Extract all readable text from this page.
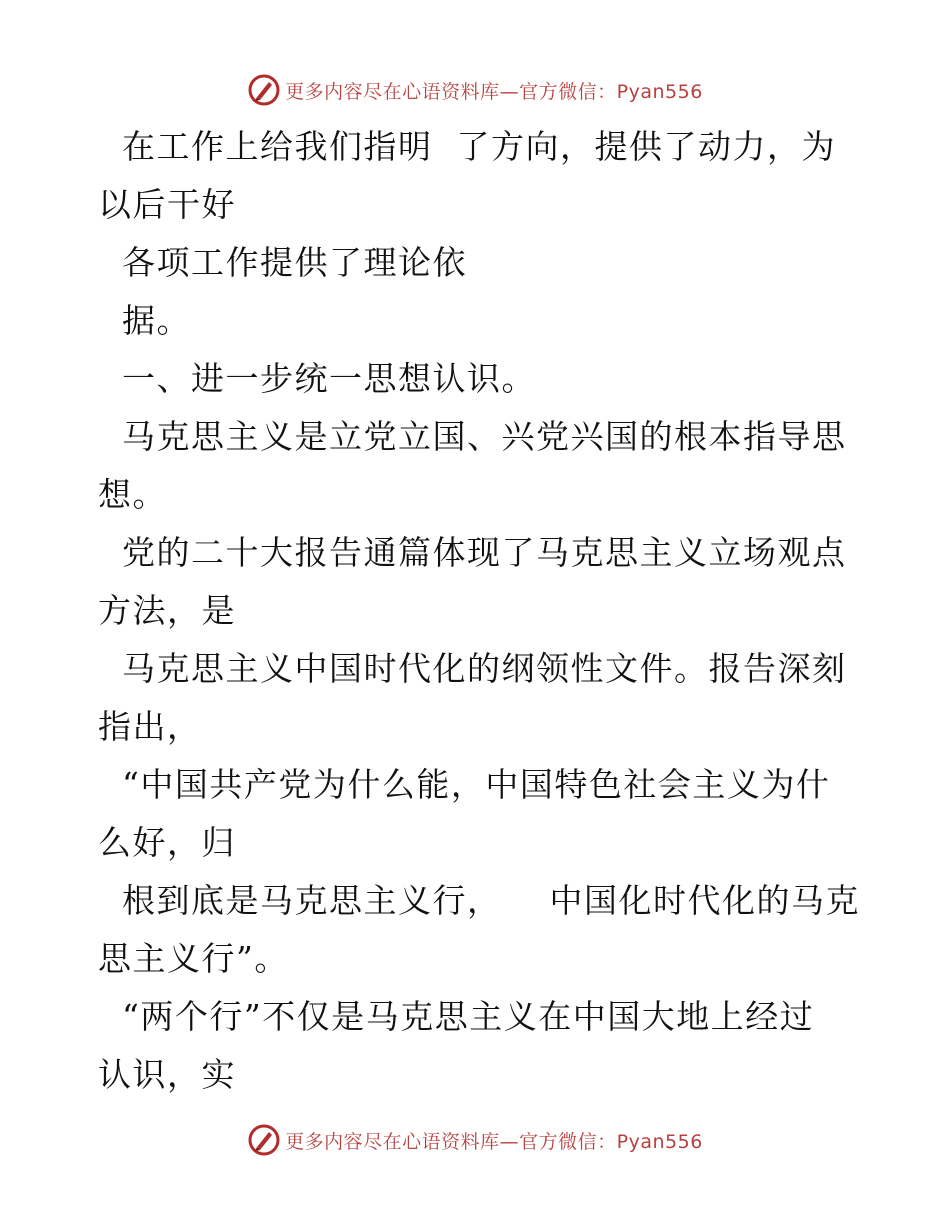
更多内容尽在心语资料库—官方微信：Pyan556
在工作上给我们指明  了方向，提供了动力，为
以后干好
各项工作提供了理论依
据。
一、进一步统一思想认识。
马克思主义是立党立国、兴党兴国的根本指导思
想。
党的二十大报告通篇体现了马克思主义立场观点
方法，是
马克思主义中国时代化的纲领性文件。报告深刻
指出，
“中国共产党为什么能，中国特色社会主义为什
么好，归
根到底是马克思主义行，    中国化时代化的马克
思主义行”。
“两个行”不仅是马克思主义在中国大地上经过
认识，实
更多内容尽在心语资料库—官方微信：Pyan556
